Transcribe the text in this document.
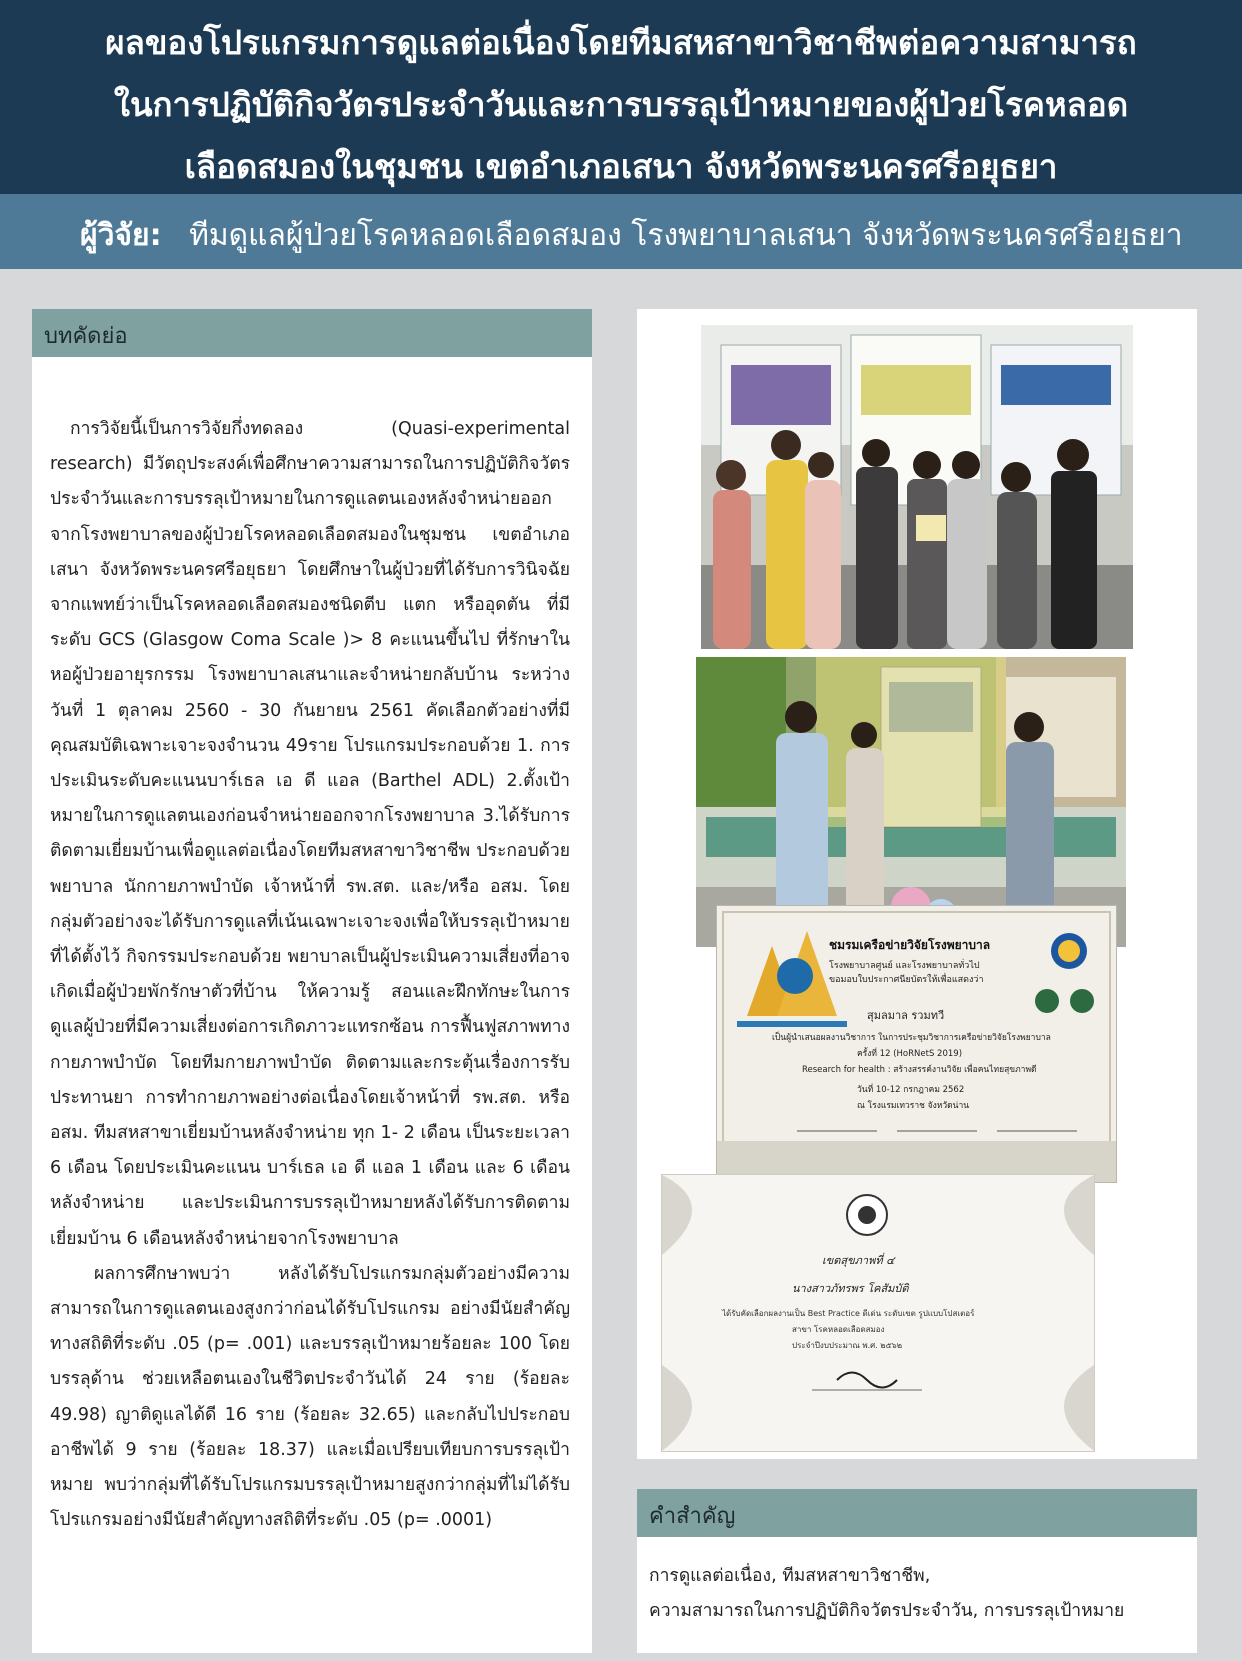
ผลของโปรแกรมการดูแลต่อเนื่องโดยทีมสหสาขาวิชาชีพต่อความสามารถ
ในการปฏิบัติกิจวัตรประจำวันและการบรรลุเป้าหมายของผู้ป่วยโรคหลอด
เลือดสมองในชุมชน เขตอำเภอเสนา จังหวัดพระนครศรีอยุธยา
ผู้วิจัย: ทีมดูแลผู้ป่วยโรคหลอดเลือดสมอง โรงพยาบาลเสนา จังหวัดพระนครศรีอยุธยา
บทคัดย่อ

การวิจัยนี้เป็นการวิจัยกึ่งทดลอง (Quasi-experimental research) มีวัตถุประสงค์เพื่อศึกษาความสามารถในการปฏิบัติกิจวัตรประจำวันและการบรรลุเป้าหมายในการดูแลตนเองหลังจำหน่ายออกจากโรงพยาบาลของผู้ป่วยโรคหลอดเลือดสมองในชุมชน เขตอำเภอเสนา จังหวัดพระนครศรีอยุธยา โดยศึกษาในผู้ป่วยที่ได้รับการวินิจฉัยจากแพทย์ว่าเป็นโรคหลอดเลือดสมองชนิดตีบ แตก หรืออุดตัน ที่มีระดับ GCS (Glasgow Coma Scale )> 8 คะแนนขึ้นไป ที่รักษาในหอผู้ป่วยอายุรกรรม โรงพยาบาลเสนาและจำหน่ายกลับบ้าน ระหว่างวันที่ 1 ตุลาคม 2560 - 30 กันยายน 2561 คัดเลือกตัวอย่างที่มีคุณสมบัติเฉพาะเจาะจงจำนวน 49ราย โปรแกรมประกอบด้วย 1. การประเมินระดับคะแนนบาร์เธล เอ ดี แอล (Barthel ADL) 2.ตั้งเป้าหมายในการดูแลตนเองก่อนจำหน่ายออกจากโรงพยาบาล 3.ได้รับการติดตามเยี่ยมบ้านเพื่อดูแลต่อเนื่องโดยทีมสหสาขาวิชาชีพ ประกอบด้วย พยาบาล นักกายภาพบำบัด เจ้าหน้าที่ รพ.สต. และ/หรือ อสม. โดยกลุ่มตัวอย่างจะได้รับการดูแลที่เน้นเฉพาะเจาะจงเพื่อให้บรรลุเป้าหมายที่ได้ตั้งไว้ กิจกรรมประกอบด้วย พยาบาลเป็นผู้ประเมินความเสี่ยงที่อาจเกิดเมื่อผู้ป่วยพักรักษาตัวที่บ้าน ให้ความรู้ สอนและฝึกทักษะในการดูแลผู้ป่วยที่มีความเสี่ยงต่อการเกิดภาวะแทรกซ้อน การฟื้นฟูสภาพทางกายภาพบำบัด โดยทีมกายภาพบำบัด ติดตามและกระตุ้นเรื่องการรับประทานยา การทำกายภาพอย่างต่อเนื่องโดยเจ้าหน้าที่ รพ.สต. หรือ อสม. ทีมสหสาขาเยี่ยมบ้านหลังจำหน่าย ทุก 1- 2 เดือน เป็นระยะเวลา 6 เดือน โดยประเมินคะแนน บาร์เธล เอ ดี แอล 1 เดือน และ 6 เดือนหลังจำหน่าย และประเมินการบรรลุเป้าหมายหลังได้รับการติดตามเยี่ยมบ้าน 6 เดือนหลังจำหน่ายจากโรงพยาบาล

ผลการศึกษาพบว่า หลังได้รับโปรแกรมกลุ่มตัวอย่างมีความสามารถในการดูแลตนเองสูงกว่าก่อนได้รับโปรแกรม อย่างมีนัยสำคัญทางสถิติที่ระดับ .05 (p= .001) และบรรลุเป้าหมายร้อยละ 100 โดยบรรลุด้าน ช่วยเหลือตนเองในชีวิตประจำวันได้ 24 ราย (ร้อยละ 49.98) ญาติดูแลได้ดี 16 ราย (ร้อยละ 32.65) และกลับไปประกอบอาชีพได้ 9 ราย (ร้อยละ 18.37) และเมื่อเปรียบเทียบการบรรลุเป้าหมาย พบว่ากลุ่มที่ได้รับโปรแกรมบรรลุเป้าหมายสูงกว่ากลุ่มที่ไม่ได้รับโปรแกรมอย่างมีนัยสำคัญทางสถิติที่ระดับ .05 (p= .0001)

ชมรมเครือข่ายวิจัยโรงพยาบาล
โรงพยาบาลศูนย์ และโรงพยาบาลทั่วไป
ขอมอบใบประกาศนียบัตรให้เพื่อแสดงว่า
สุมลมาล รวมทวี
เป็นผู้นำเสนอผลงานวิชาการ ในการประชุมวิชาการเครือข่ายวิจัยโรงพยาบาล
ครั้งที่ 12 (HoRNetS 2019)
Research for health : สร้างสรรค์งานวิจัย เพื่อคนไทยสุขภาพดี
วันที่ 10-12 กรกฎาคม 2562
ณ โรงแรมเทวราช จังหวัดน่าน
เขตสุขภาพที่ ๔
นางสาวภัทรพร โคสัมบัติ
ได้รับคัดเลือกผลงานเป็น Best Practice ดีเด่น ระดับเขต รูปแบบโปสเตอร์
สาขา โรคหลอดเลือดสมอง
ประจำปีงบประมาณ พ.ศ. ๒๕๖๒
คำสำคัญ
การดูแลต่อเนื่อง, ทีมสหสาขาวิชาชีพ,
ความสามารถในการปฏิบัติกิจวัตรประจำวัน, การบรรลุเป้าหมาย
